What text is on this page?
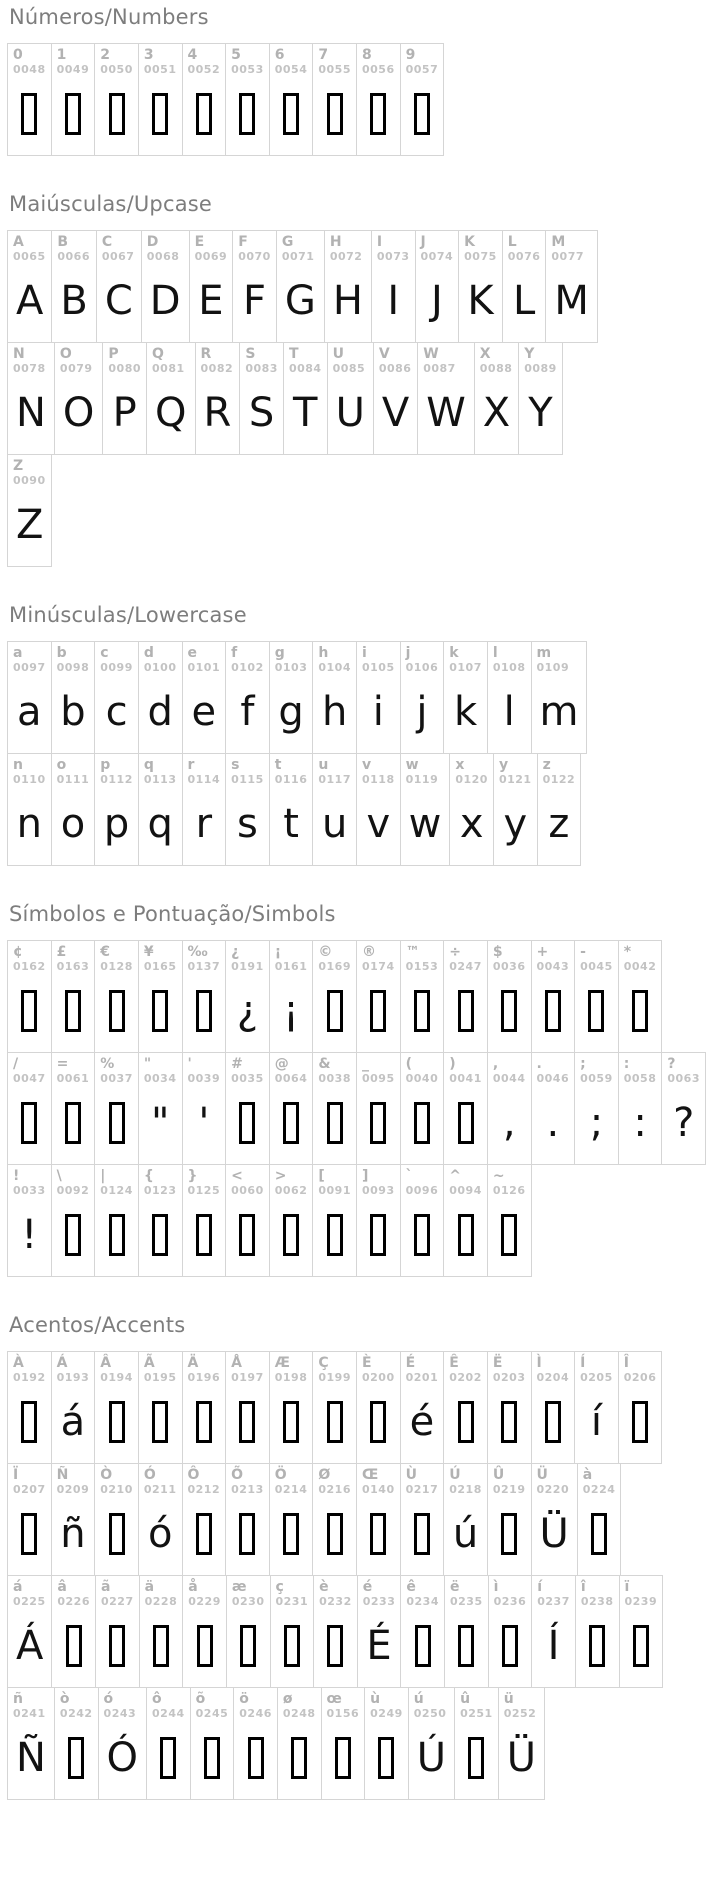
Números/Numbers
0
0048
1
0049
2
0050
3
0051
4
0052
5
0053
6
0054
7
0055
8
0056
9
0057
Maiúsculas/Upcase
A
0065
A
B
0066
B
C
0067
C
D
0068
D
E
0069
E
F
0070
F
G
0071
G
H
0072
H
I
0073
I
J
0074
J
K
0075
K
L
0076
L
M
0077
M
N
0078
N
O
0079
O
P
0080
P
Q
0081
Q
R
0082
R
S
0083
S
T
0084
T
U
0085
U
V
0086
V
W
0087
W
X
0088
X
Y
0089
Y
Z
0090
Z
Minúsculas/Lowercase
a
0097
a
b
0098
b
c
0099
c
d
0100
d
e
0101
e
f
0102
f
g
0103
g
h
0104
h
i
0105
i
j
0106
j
k
0107
k
l
0108
l
m
0109
m
n
0110
n
o
0111
o
p
0112
p
q
0113
q
r
0114
r
s
0115
s
t
0116
t
u
0117
u
v
0118
v
w
0119
w
x
0120
x
y
0121
y
z
0122
z
Símbolos e Pontuação/Simbols
¢
0162
£
0163
€
0128
¥
0165
‰
0137
¿
0191
¿
¡
0161
¡
©
0169
®
0174
™
0153
÷
0247
$
0036
+
0043
-
0045
*
0042
/
0047
=
0061
%
0037
"
0034
"
'
0039
'
#
0035
@
0064
&
0038
_
0095
(
0040
)
0041
,
0044
,
.
0046
.
;
0059
;
:
0058
:
?
0063
?
!
0033
!
\
0092
|
0124
{
0123
}
0125
<
0060
>
0062
[
0091
]
0093
`
0096
^
0094
~
0126
Acentos/Accents
À
0192
Á
0193
á
Â
0194
Ã
0195
Ä
0196
Å
0197
Æ
0198
Ç
0199
È
0200
É
0201
é
Ê
0202
Ë
0203
Ì
0204
Í
0205
í
Î
0206
Ï
0207
Ñ
0209
ñ
Ò
0210
Ó
0211
ó
Ô
0212
Õ
0213
Ö
0214
Ø
0216
Œ
0140
Ù
0217
Ú
0218
ú
Û
0219
Ü
0220
Ü
à
0224
á
0225
Á
â
0226
ã
0227
ä
0228
å
0229
æ
0230
ç
0231
è
0232
é
0233
É
ê
0234
ë
0235
ì
0236
í
0237
Í
î
0238
ï
0239
ñ
0241
Ñ
ò
0242
ó
0243
Ó
ô
0244
õ
0245
ö
0246
ø
0248
œ
0156
ù
0249
ú
0250
Ú
û
0251
ü
0252
Ü
